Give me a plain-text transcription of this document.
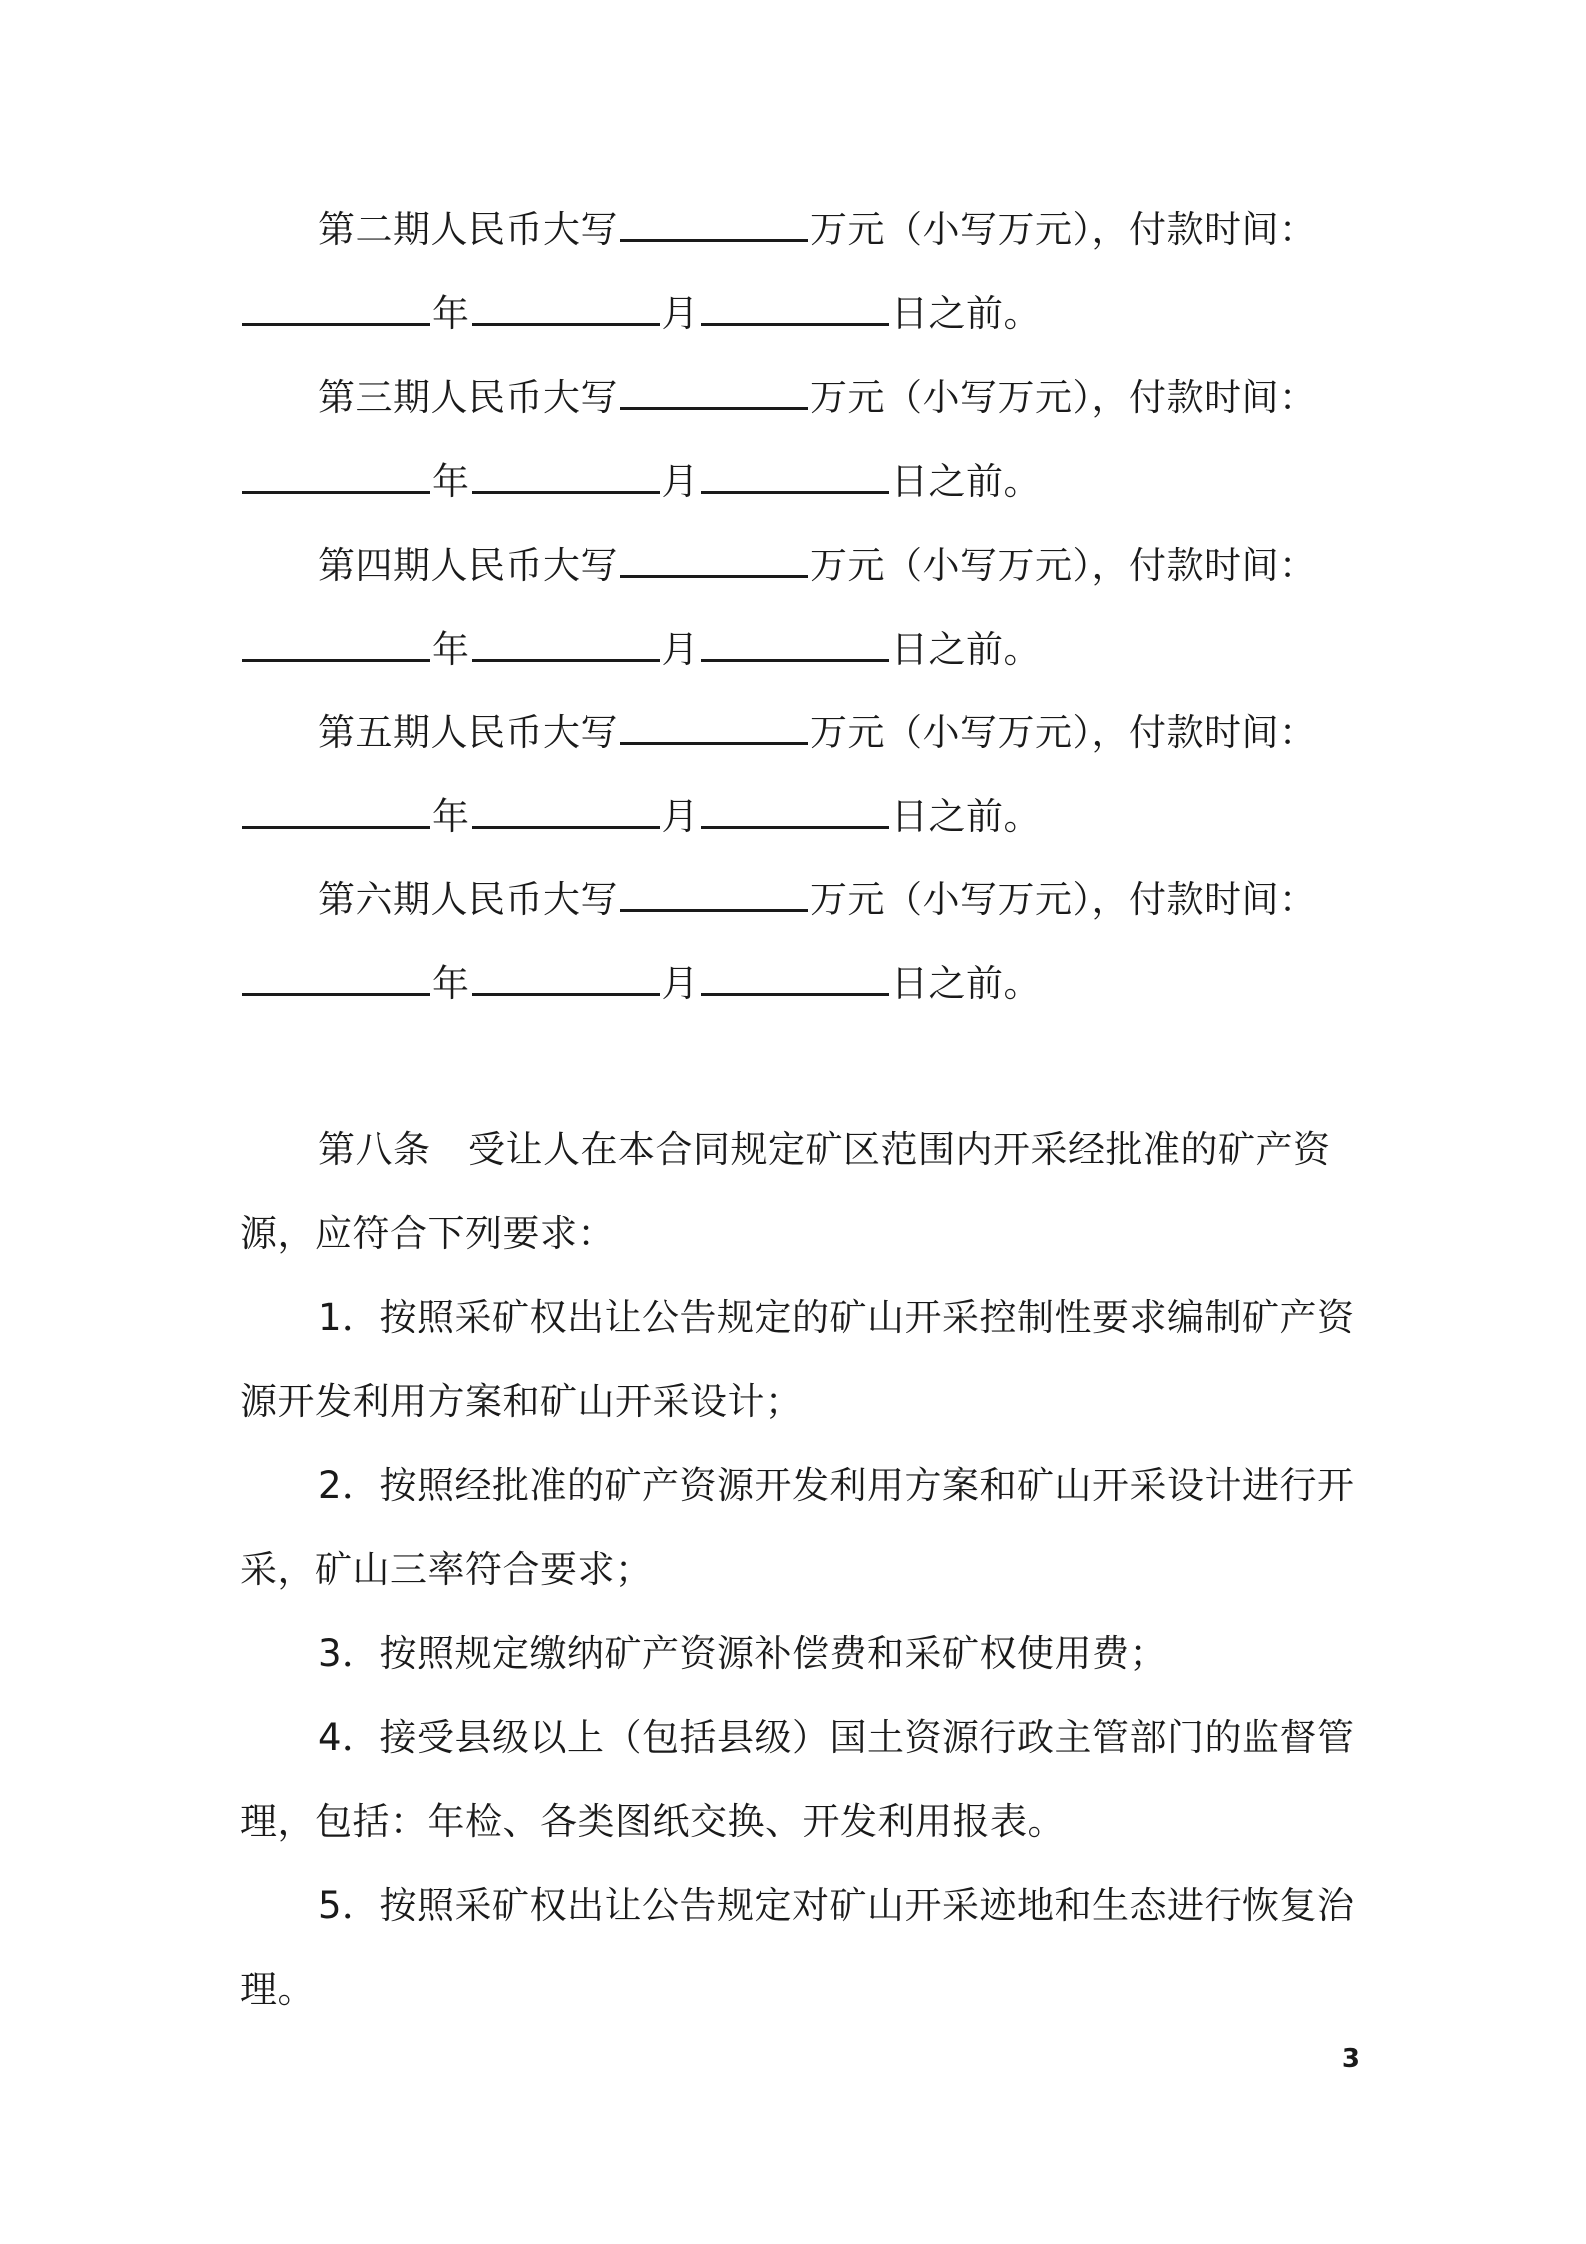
第二期人民币大写	万元（小写万元），付款时间：
年	月	日之前。
第三期人民币大写	万元（小写万元），付款时间：
年	月	日之前。
第四期人民币大写	万元（小写万元），付款时间：
年	月	日之前。
第五期人民币大写	万元（小写万元），付款时间：
年	月	日之前。
第六期人民币大写	万元（小写万元），付款时间：
年	月	日之前。
第八条　受让人在本合同规定矿区范围内开采经批准的矿产资
源，应符合下列要求：
1．按照采矿权出让公告规定的矿山开采控制性要求编制矿产资
源开发利用方案和矿山开采设计；
2．按照经批准的矿产资源开发利用方案和矿山开采设计进行开
采，矿山三率符合要求；
3．按照规定缴纳矿产资源补偿费和采矿权使用费；
4．接受县级以上（包括县级）国土资源行政主管部门的监督管
理，包括：年检、各类图纸交换、开发利用报表。
5．按照采矿权出让公告规定对矿山开采迹地和生态进行恢复治
理。
3
